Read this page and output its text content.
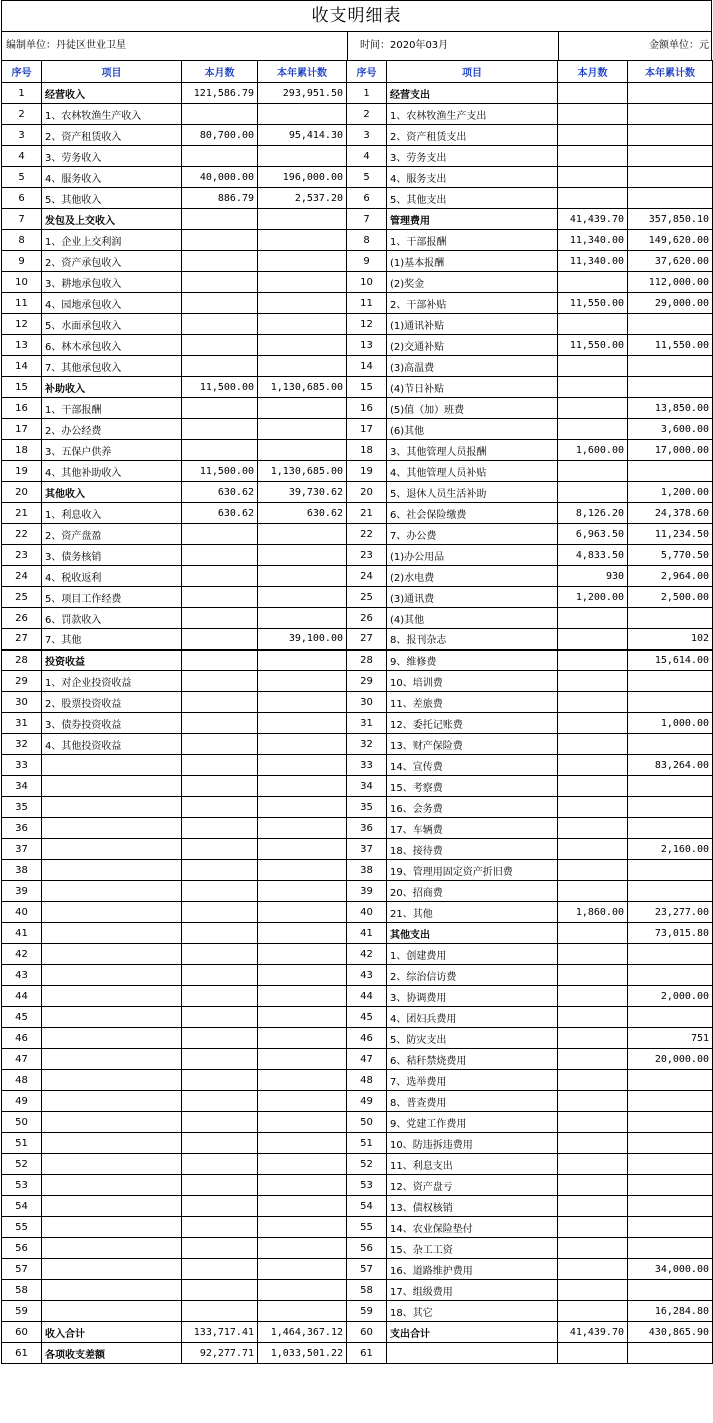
收支明细表
编制单位：丹徒区世业卫星	时间：2020年03月	金额单位：元
序号	项目	本月数	本年累计数	序号	项目	本月数	本年累计数
1	经营收入	121,586.79	293,951.50	1	经营支出		
2	1、农林牧渔生产收入			2	1、农林牧渔生产支出		
3	2、资产租赁收入	80,700.00	95,414.30	3	2、资产租赁支出		
4	3、劳务收入			4	3、劳务支出		
5	4、服务收入	40,000.00	196,000.00	5	4、服务支出		
6	5、其他收入	886.79	2,537.20	6	5、其他支出		
7	发包及上交收入			7	管理费用	41,439.70	357,850.10
8	1、企业上交利润			8	1、干部报酬	11,340.00	149,620.00
9	2、资产承包收入			9	(1)基本报酬	11,340.00	37,620.00
10	3、耕地承包收入			10	(2)奖金		112,000.00
11	4、园地承包收入			11	2、干部补贴	11,550.00	29,000.00
12	5、水面承包收入			12	(1)通讯补贴		
13	6、林木承包收入			13	(2)交通补贴	11,550.00	11,550.00
14	7、其他承包收入			14	(3)高温费		
15	补助收入	11,500.00	1,130,685.00	15	(4)节日补贴		
16	1、干部报酬			16	(5)值（加）班费		13,850.00
17	2、办公经费			17	(6)其他		3,600.00
18	3、五保户供养			18	3、其他管理人员报酬	1,600.00	17,000.00
19	4、其他补助收入	11,500.00	1,130,685.00	19	4、其他管理人员补贴		
20	其他收入	630.62	39,730.62	20	5、退休人员生活补助		1,200.00
21	1、利息收入	630.62	630.62	21	6、社会保险缴费	8,126.20	24,378.60
22	2、资产盘盈			22	7、办公费	6,963.50	11,234.50
23	3、债务核销			23	(1)办公用品	4,833.50	5,770.50
24	4、税收返利			24	(2)水电费	930	2,964.00
25	5、项目工作经费			25	(3)通讯费	1,200.00	2,500.00
26	6、罚款收入			26	(4)其他		
27	7、其他		39,100.00	27	8、报刊杂志		102
28	投资收益			28	9、维修费		15,614.00
29	1、对企业投资收益			29	10、培训费		
30	2、股票投资收益			30	11、差旅费		
31	3、债券投资收益			31	12、委托记账费		1,000.00
32	4、其他投资收益			32	13、财产保险费		
33				33	14、宣传费		83,264.00
34				34	15、考察费		
35				35	16、会务费		
36				36	17、车辆费		
37				37	18、接待费		2,160.00
38				38	19、管理用固定资产折旧费		
39				39	20、招商费		
40				40	21、其他	1,860.00	23,277.00
41				41	其他支出		73,015.80
42				42	1、创建费用		
43				43	2、综治信访费		
44				44	3、协调费用		2,000.00
45				45	4、团妇兵费用		
46				46	5、防灾支出		751
47				47	6、秸秆禁烧费用		20,000.00
48				48	7、选举费用		
49				49	8、普查费用		
50				50	9、党建工作费用		
51				51	10、防违拆违费用		
52				52	11、利息支出		
53				53	12、资产盘亏		
54				54	13、债权核销		
55				55	14、农业保险垫付		
56				56	15、杂工工资		
57				57	16、道路维护费用		34,000.00
58				58	17、组级费用		
59				59	18、其它		16,284.80
60	收入合计	133,717.41	1,464,367.12	60	支出合计	41,439.70	430,865.90
61	各项收支差额	92,277.71	1,033,501.22	61			
